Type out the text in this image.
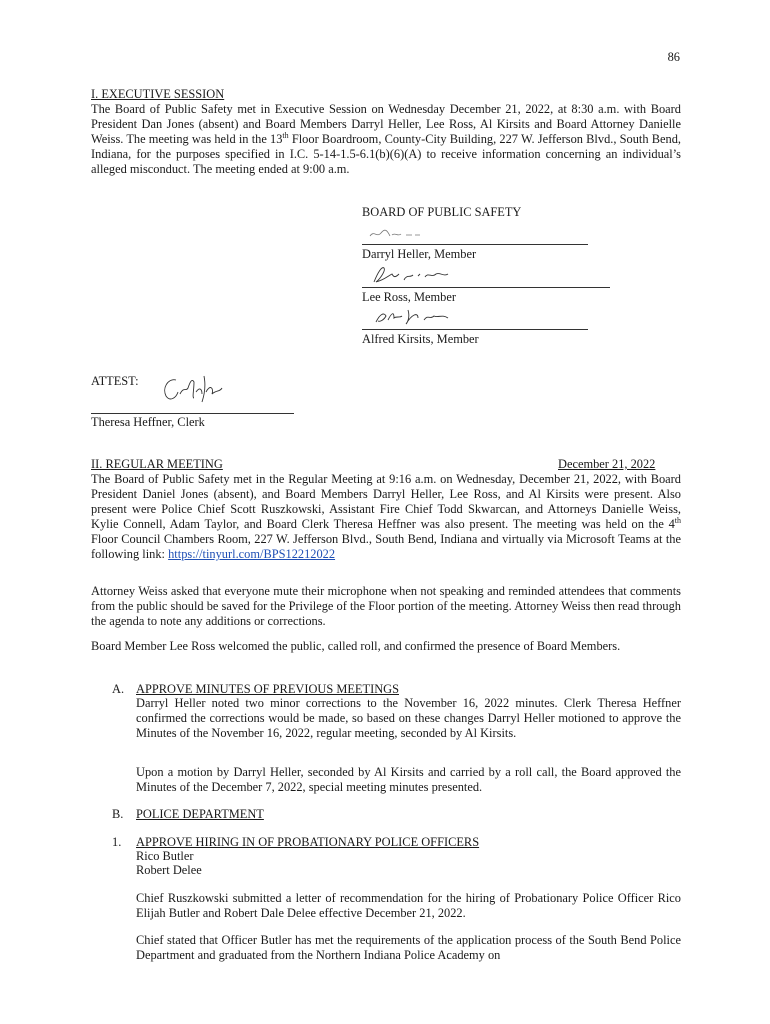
86
I. EXECUTIVE SESSION
The Board of Public Safety met in Executive Session on Wednesday December 21, 2022, at 8:30 a.m. with Board President Dan Jones (absent) and Board Members Darryl Heller, Lee Ross, Al Kirsits and Board Attorney Danielle Weiss. The meeting was held in the 13th Floor Boardroom, County-City Building, 227 W. Jefferson Blvd., South Bend, Indiana, for the purposes specified in I.C. 5-14-1.5-6.1(b)(6)(A) to receive information concerning an individual’s alleged misconduct. The meeting ended at 9:00 a.m.
BOARD OF PUBLIC SAFETY
Darryl Heller, Member
Lee Ross, Member
Alfred Kirsits, Member
ATTEST:
Theresa Heffner, Clerk
II. REGULAR MEETING	December 21, 2022
The Board of Public Safety met in the Regular Meeting at 9:16 a.m. on Wednesday, December 21, 2022, with Board President Daniel Jones (absent), and Board Members Darryl Heller, Lee Ross, and Al Kirsits were present. Also present were Police Chief Scott Ruszkowski, Assistant Fire Chief Todd Skwarcan, and Attorneys Danielle Weiss, Kylie Connell, Adam Taylor, and Board Clerk Theresa Heffner was also present. The meeting was held on the 4th Floor Council Chambers Room, 227 W. Jefferson Blvd., South Bend, Indiana and virtually via Microsoft Teams at the following link: https://tinyurl.com/BPS12212022
Attorney Weiss asked that everyone mute their microphone when not speaking and reminded attendees that comments from the public should be saved for the Privilege of the Floor portion of the meeting. Attorney Weiss then read through the agenda to note any additions or corrections.
Board Member Lee Ross welcomed the public, called roll, and confirmed the presence of Board Members.
A. APPROVE MINUTES OF PREVIOUS MEETINGS
Darryl Heller noted two minor corrections to the November 16, 2022 minutes. Clerk Theresa Heffner confirmed the corrections would be made, so based on these changes Darryl Heller motioned to approve the Minutes of the November 16, 2022, regular meeting, seconded by Al Kirsits.
Upon a motion by Darryl Heller, seconded by Al Kirsits and carried by a roll call, the Board approved the Minutes of the December 7, 2022, special meeting minutes presented.
B. POLICE DEPARTMENT
1. APPROVE HIRING IN OF PROBATIONARY POLICE OFFICERS
Rico Butler
Robert Delee
Chief Ruszkowski submitted a letter of recommendation for the hiring of Probationary Police Officer Rico Elijah Butler and Robert Dale Delee effective December 21, 2022.
Chief stated that Officer Butler has met the requirements of the application process of the South Bend Police Department and graduated from the Northern Indiana Police Academy on
